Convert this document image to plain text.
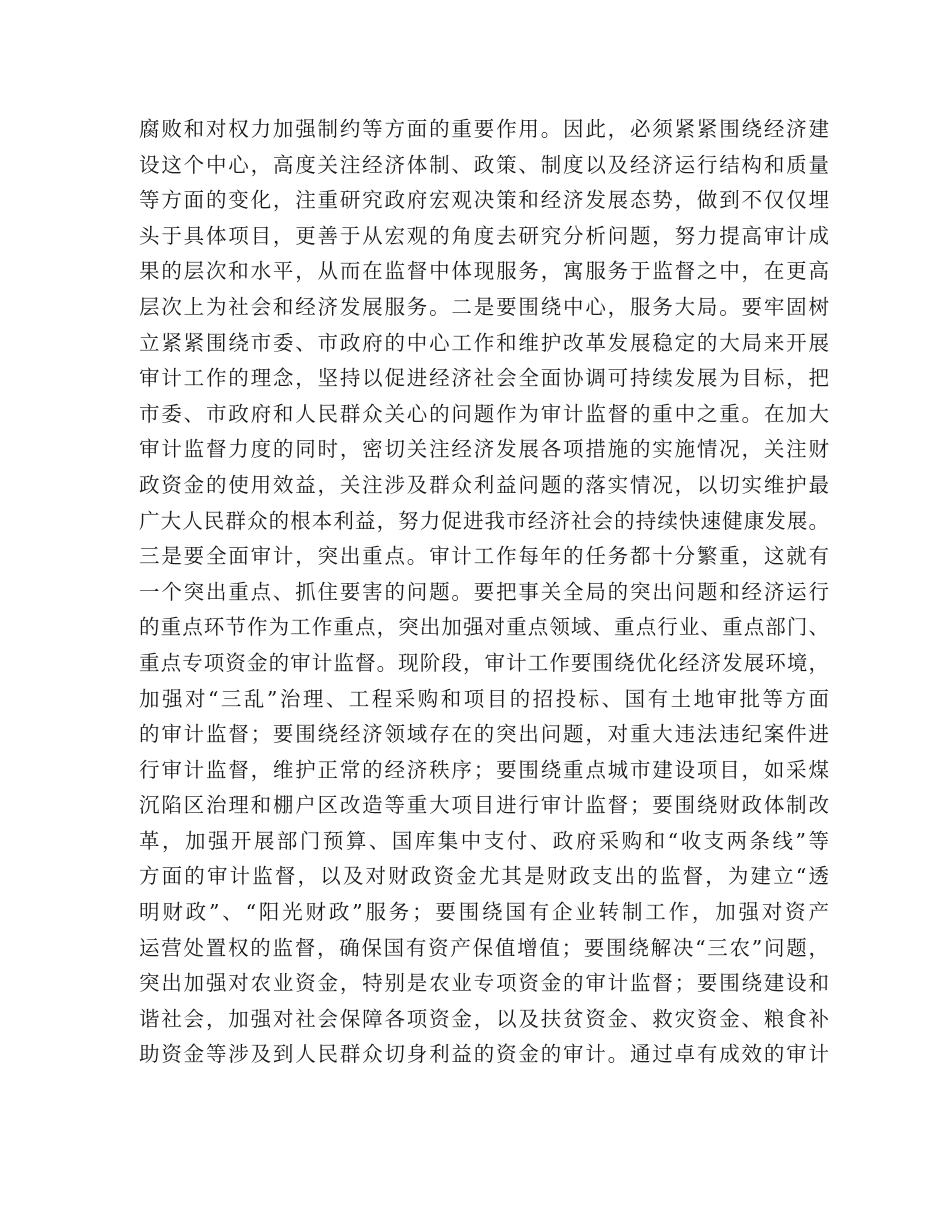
腐败和对权力加强制约等方面的重要作用。因此，必须紧紧围绕经济建
设这个中心，高度关注经济体制、政策、制度以及经济运行结构和质量
等方面的变化，注重研究政府宏观决策和经济发展态势，做到不仅仅埋
头于具体项目，更善于从宏观的角度去研究分析问题，努力提高审计成
果的层次和水平，从而在监督中体现服务，寓服务于监督之中，在更高
层次上为社会和经济发展服务。二是要围绕中心，服务大局。要牢固树
立紧紧围绕市委、市政府的中心工作和维护改革发展稳定的大局来开展
审计工作的理念，坚持以促进经济社会全面协调可持续发展为目标，把
市委、市政府和人民群众关心的问题作为审计监督的重中之重。在加大
审计监督力度的同时，密切关注经济发展各项措施的实施情况，关注财
政资金的使用效益，关注涉及群众利益问题的落实情况，以切实维护最
广大人民群众的根本利益，努力促进我市经济社会的持续快速健康发展。
三是要全面审计，突出重点。审计工作每年的任务都十分繁重，这就有
一个突出重点、抓住要害的问题。要把事关全局的突出问题和经济运行
的重点环节作为工作重点，突出加强对重点领域、重点行业、重点部门、
重点专项资金的审计监督。现阶段，审计工作要围绕优化经济发展环境，
加强对“三乱”治理、工程采购和项目的招投标、国有土地审批等方面
的审计监督；要围绕经济领域存在的突出问题，对重大违法违纪案件进
行审计监督，维护正常的经济秩序；要围绕重点城市建设项目，如采煤
沉陷区治理和棚户区改造等重大项目进行审计监督；要围绕财政体制改
革，加强开展部门预算、国库集中支付、政府采购和“收支两条线”等
方面的审计监督，以及对财政资金尤其是财政支出的监督，为建立“透
明财政”、“阳光财政”服务；要围绕国有企业转制工作，加强对资产
运营处置权的监督，确保国有资产保值增值；要围绕解决“三农”问题，
突出加强对农业资金，特别是农业专项资金的审计监督；要围绕建设和
谐社会，加强对社会保障各项资金，以及扶贫资金、救灾资金、粮食补
助资金等涉及到人民群众切身利益的资金的审计。通过卓有成效的审计
